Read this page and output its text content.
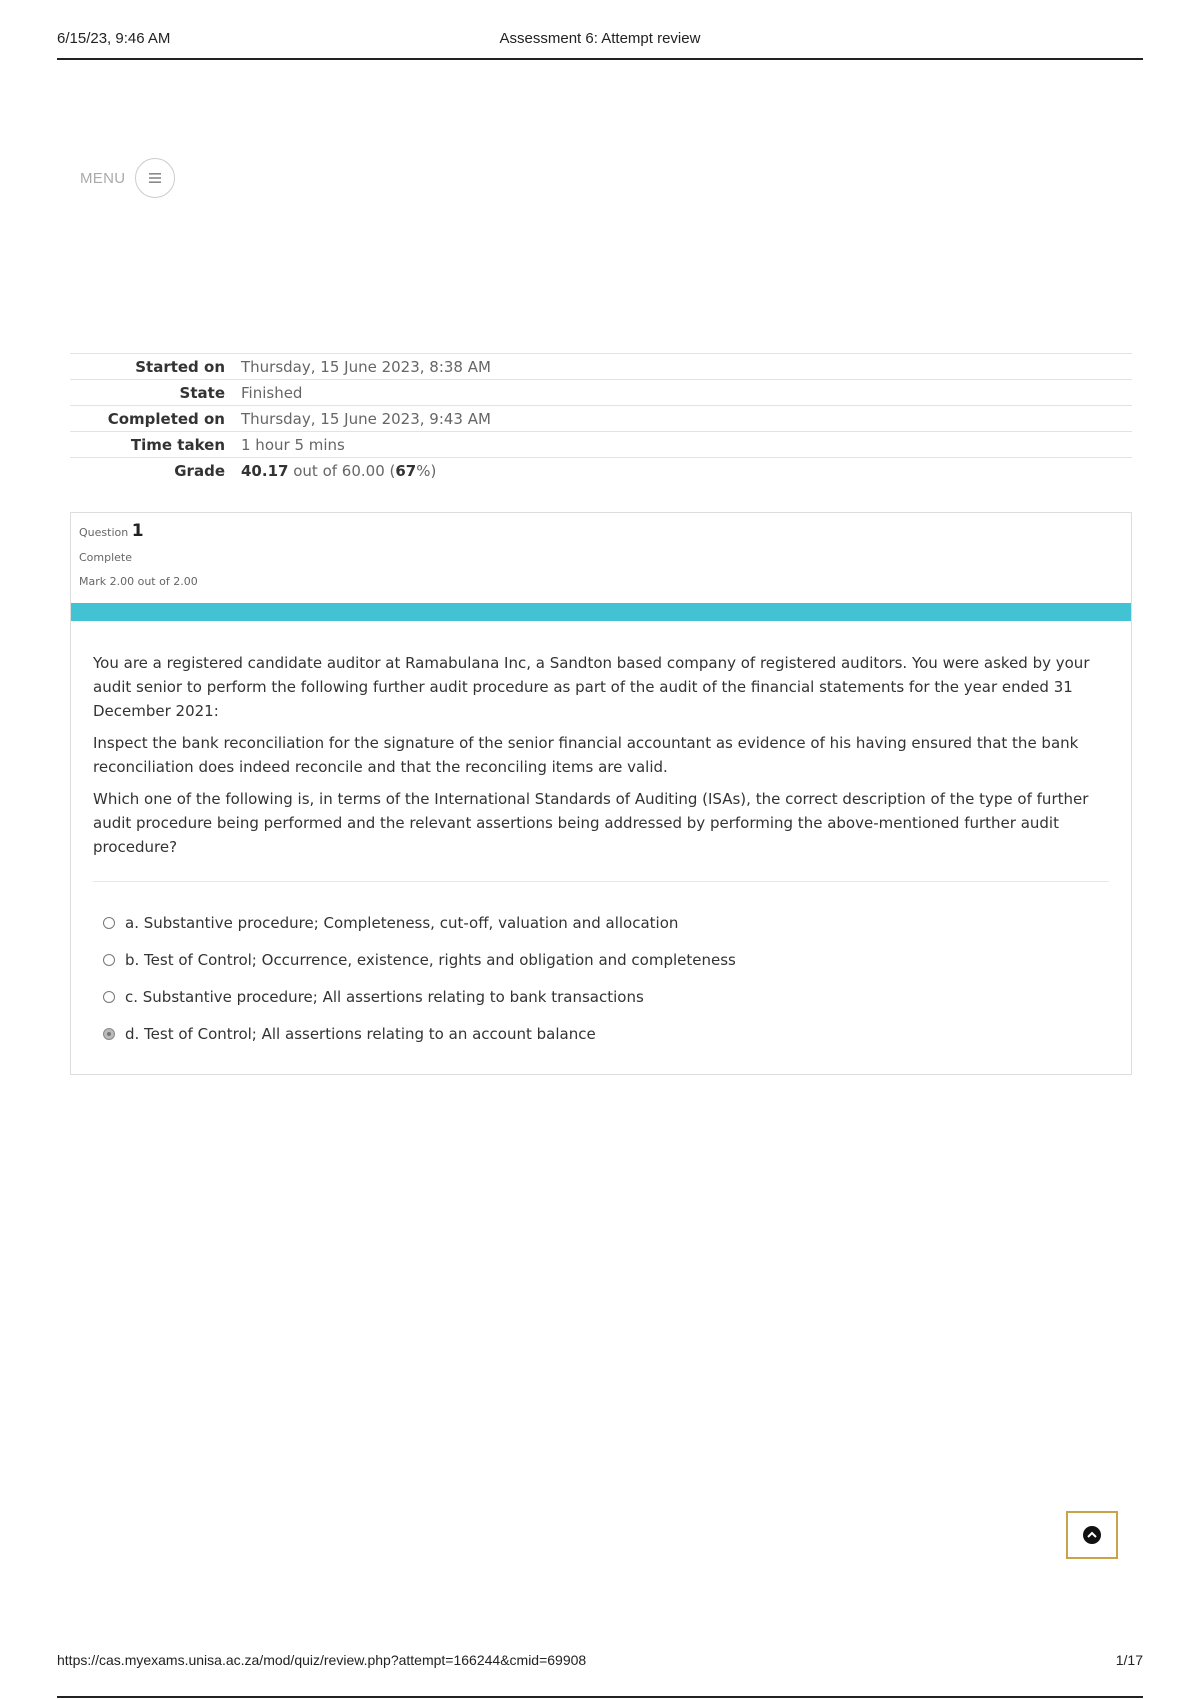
6/15/23, 9:46 AM	Assessment 6: Attempt review
MENU
Started on	Thursday, 15 June 2023, 8:38 AM
State	Finished
Completed on	Thursday, 15 June 2023, 9:43 AM
Time taken	1 hour 5 mins
Grade	40.17 out of 60.00 (67%)
Question 1
Complete
Mark 2.00 out of 2.00

You are a registered candidate auditor at Ramabulana Inc, a Sandton based company of registered auditors. You were asked by your audit senior to perform the following further audit procedure as part of the audit of the financial statements for the year ended 31 December 2021:

Inspect the bank reconciliation for the signature of the senior financial accountant as evidence of his having ensured that the bank reconciliation does indeed reconcile and that the reconciling items are valid.

Which one of the following is, in terms of the International Standards of Auditing (ISAs), the correct description of the type of further audit procedure being performed and the relevant assertions being addressed by performing the above-mentioned further audit procedure?

a. Substantive procedure; Completeness, cut-off, valuation and allocation
b. Test of Control; Occurrence, existence, rights and obligation and completeness
c. Substantive procedure; All assertions relating to bank transactions
d. Test of Control; All assertions relating to an account balance
https://cas.myexams.unisa.ac.za/mod/quiz/review.php?attempt=166244&cmid=69908	1/17
